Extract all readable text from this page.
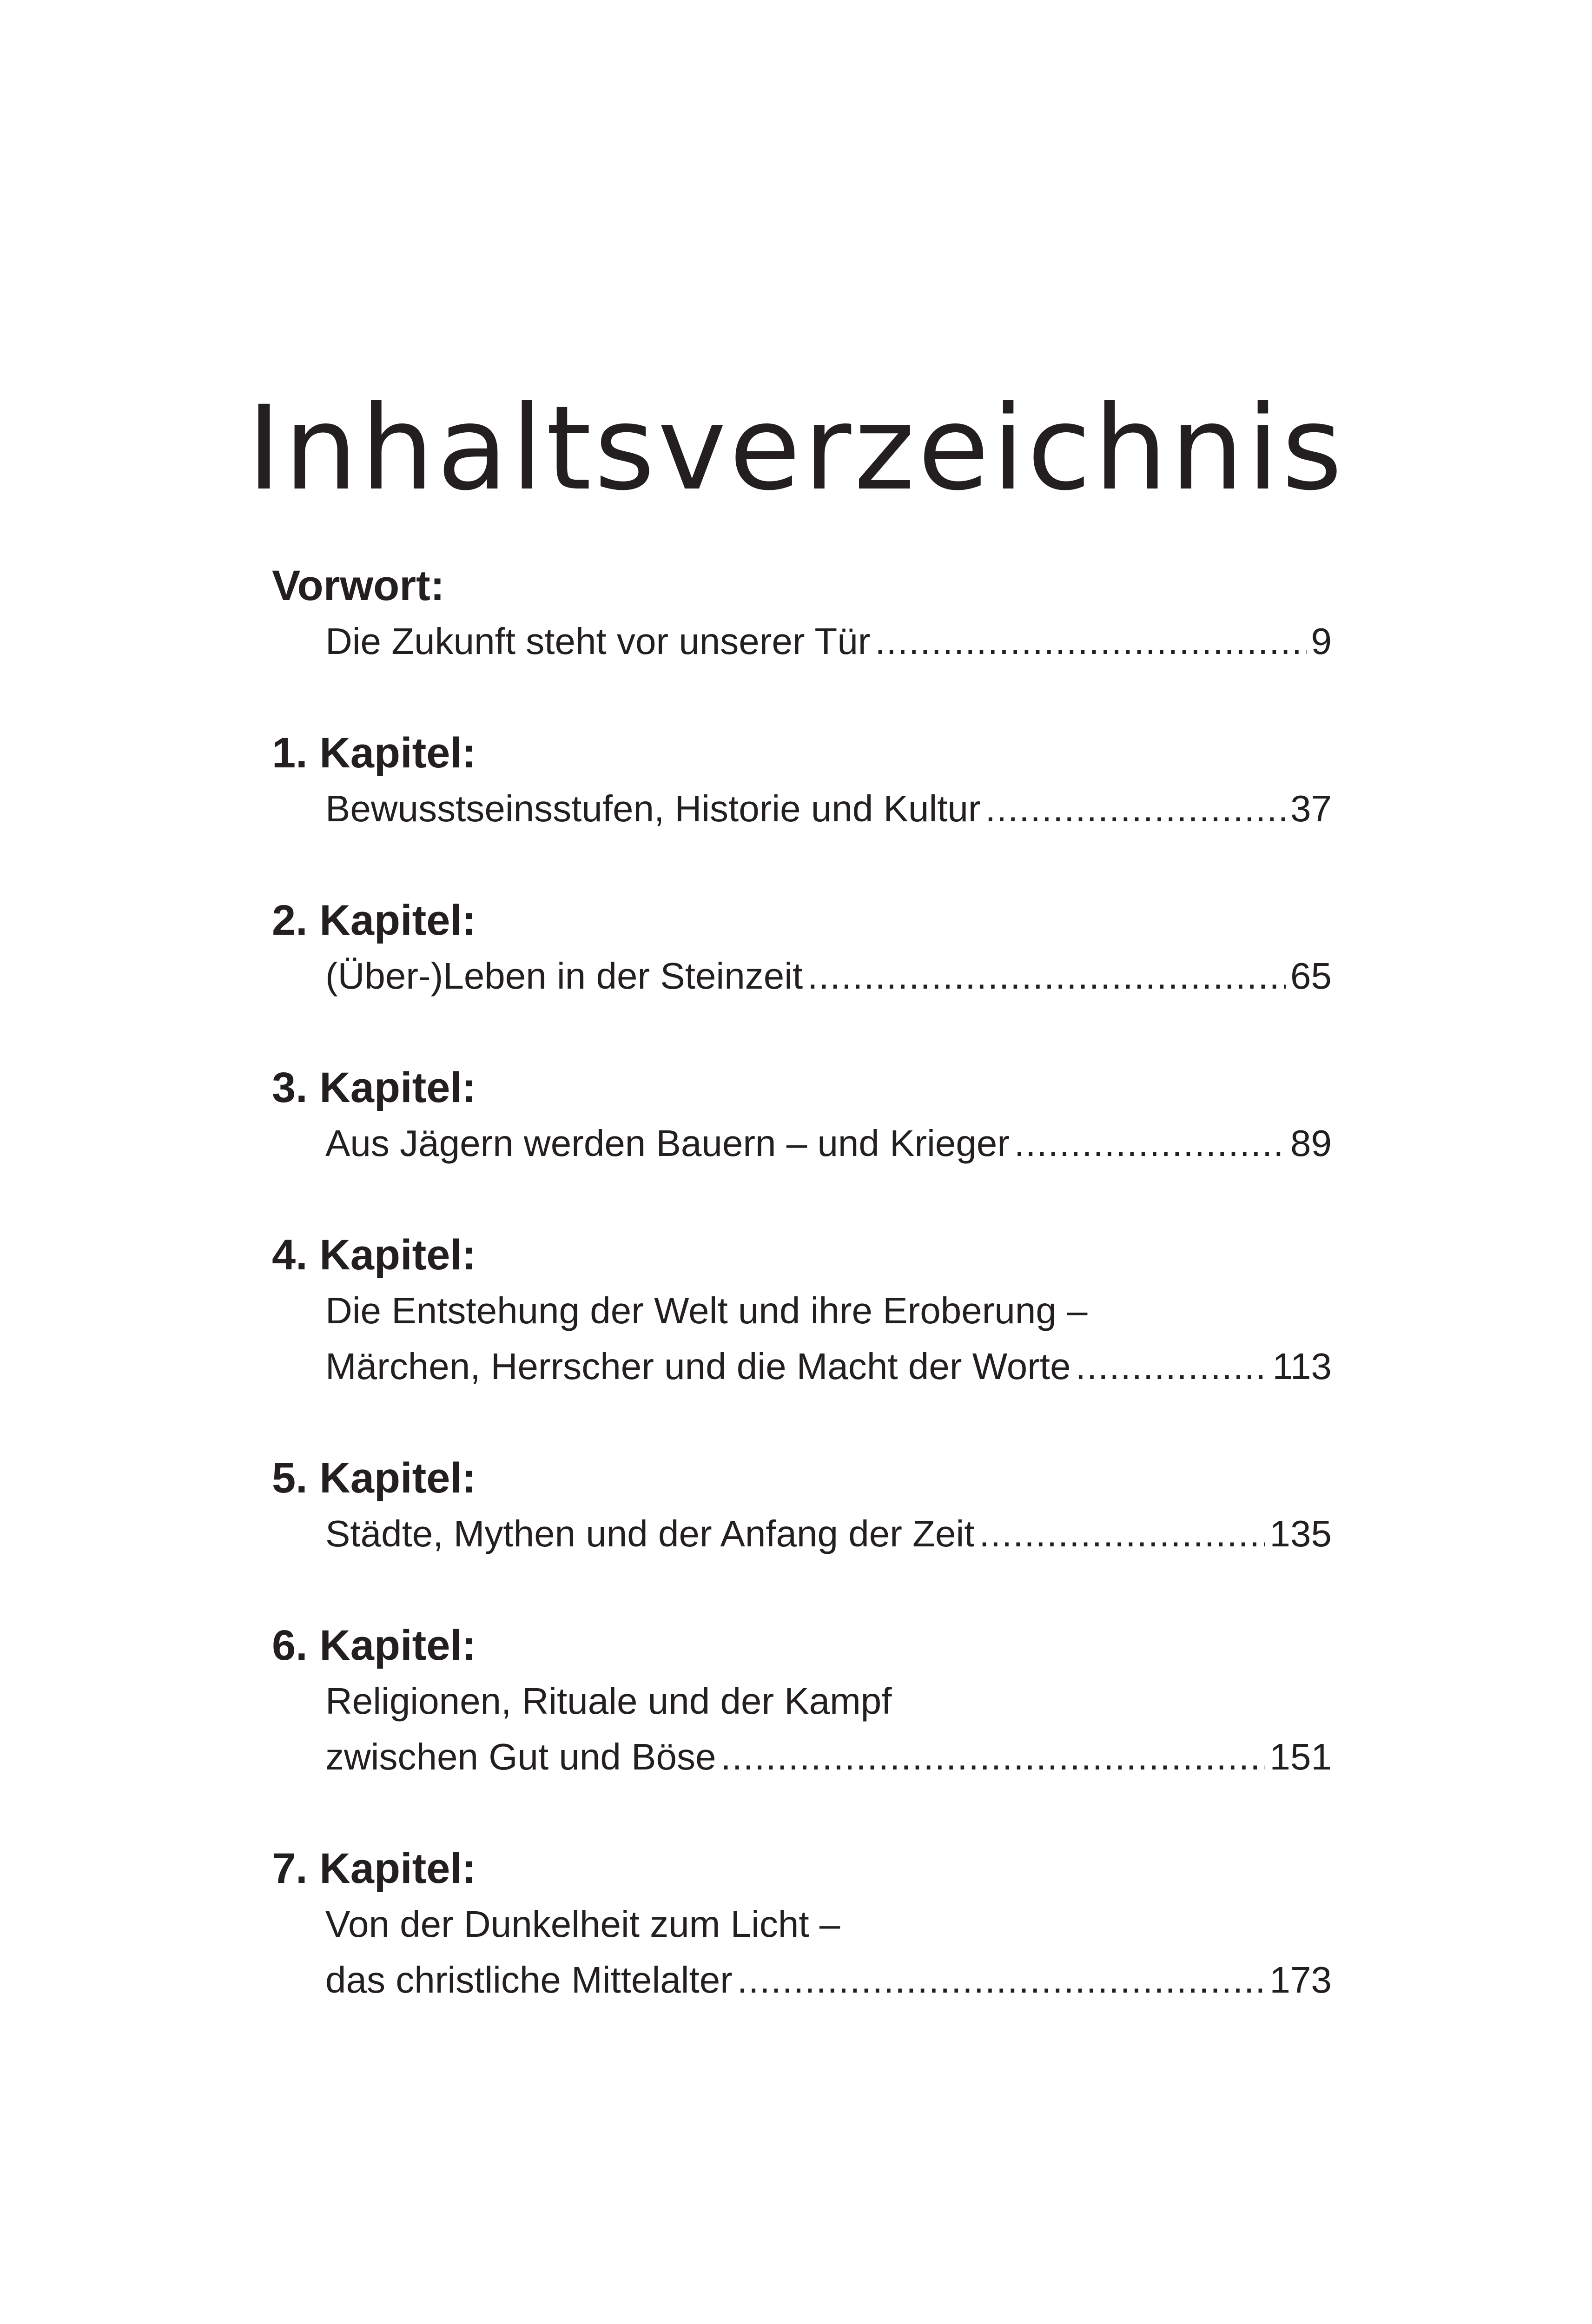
Inhaltsverzeichnis
Vorwort:
Die Zukunft steht vor unserer Tür .....	9
1. Kapitel:
Bewusstseinsstufen, Historie und Kultur .....	37
2. Kapitel:
(Über-)Leben in der Steinzeit .....	65
3. Kapitel:
Aus Jägern werden Bauern – und Krieger .....	89
4. Kapitel:
Die Entstehung der Welt und ihre Eroberung –
Märchen, Herrscher und die Macht der Worte .....	113
5. Kapitel:
Städte, Mythen und der Anfang der Zeit .....	135
6. Kapitel:
Religionen, Rituale und der Kampf
zwischen Gut und Böse .....	151
7. Kapitel:
Von der Dunkelheit zum Licht –
das christliche Mittelalter .....	173
